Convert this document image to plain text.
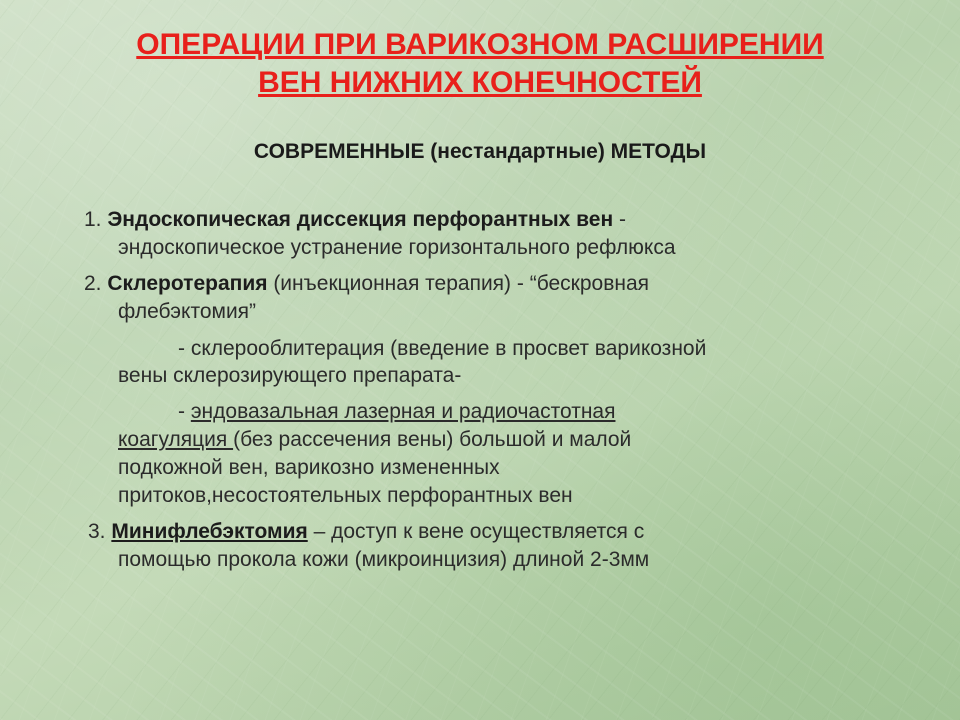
ОПЕРАЦИИ ПРИ ВАРИКОЗНОМ РАСШИРЕНИИ
ВЕН НИЖНИХ КОНЕЧНОСТЕЙ
СОВРЕМЕННЫЕ (нестандартные) МЕТОДЫ
1. Эндоскопическая диссекция перфорантных вен -
эндоскопическое устранение горизонтального рефлюкса
2. Склеротерапия (инъекционная терапия) - “бескровная
флебэктомия”
- склерооблитерация (введение в просвет варикозной
вены склерозирующего препарата-
- эндовазальная лазерная и радиочастотная
коагуляция (без рассечения вены) большой и малой
подкожной вен, варикозно измененных
притоков,несостоятельных перфорантных вен
3. Минифлебэктомия – доступ к вене осуществляется с
помощью прокола кожи (микроинцизия) длиной 2-3мм
